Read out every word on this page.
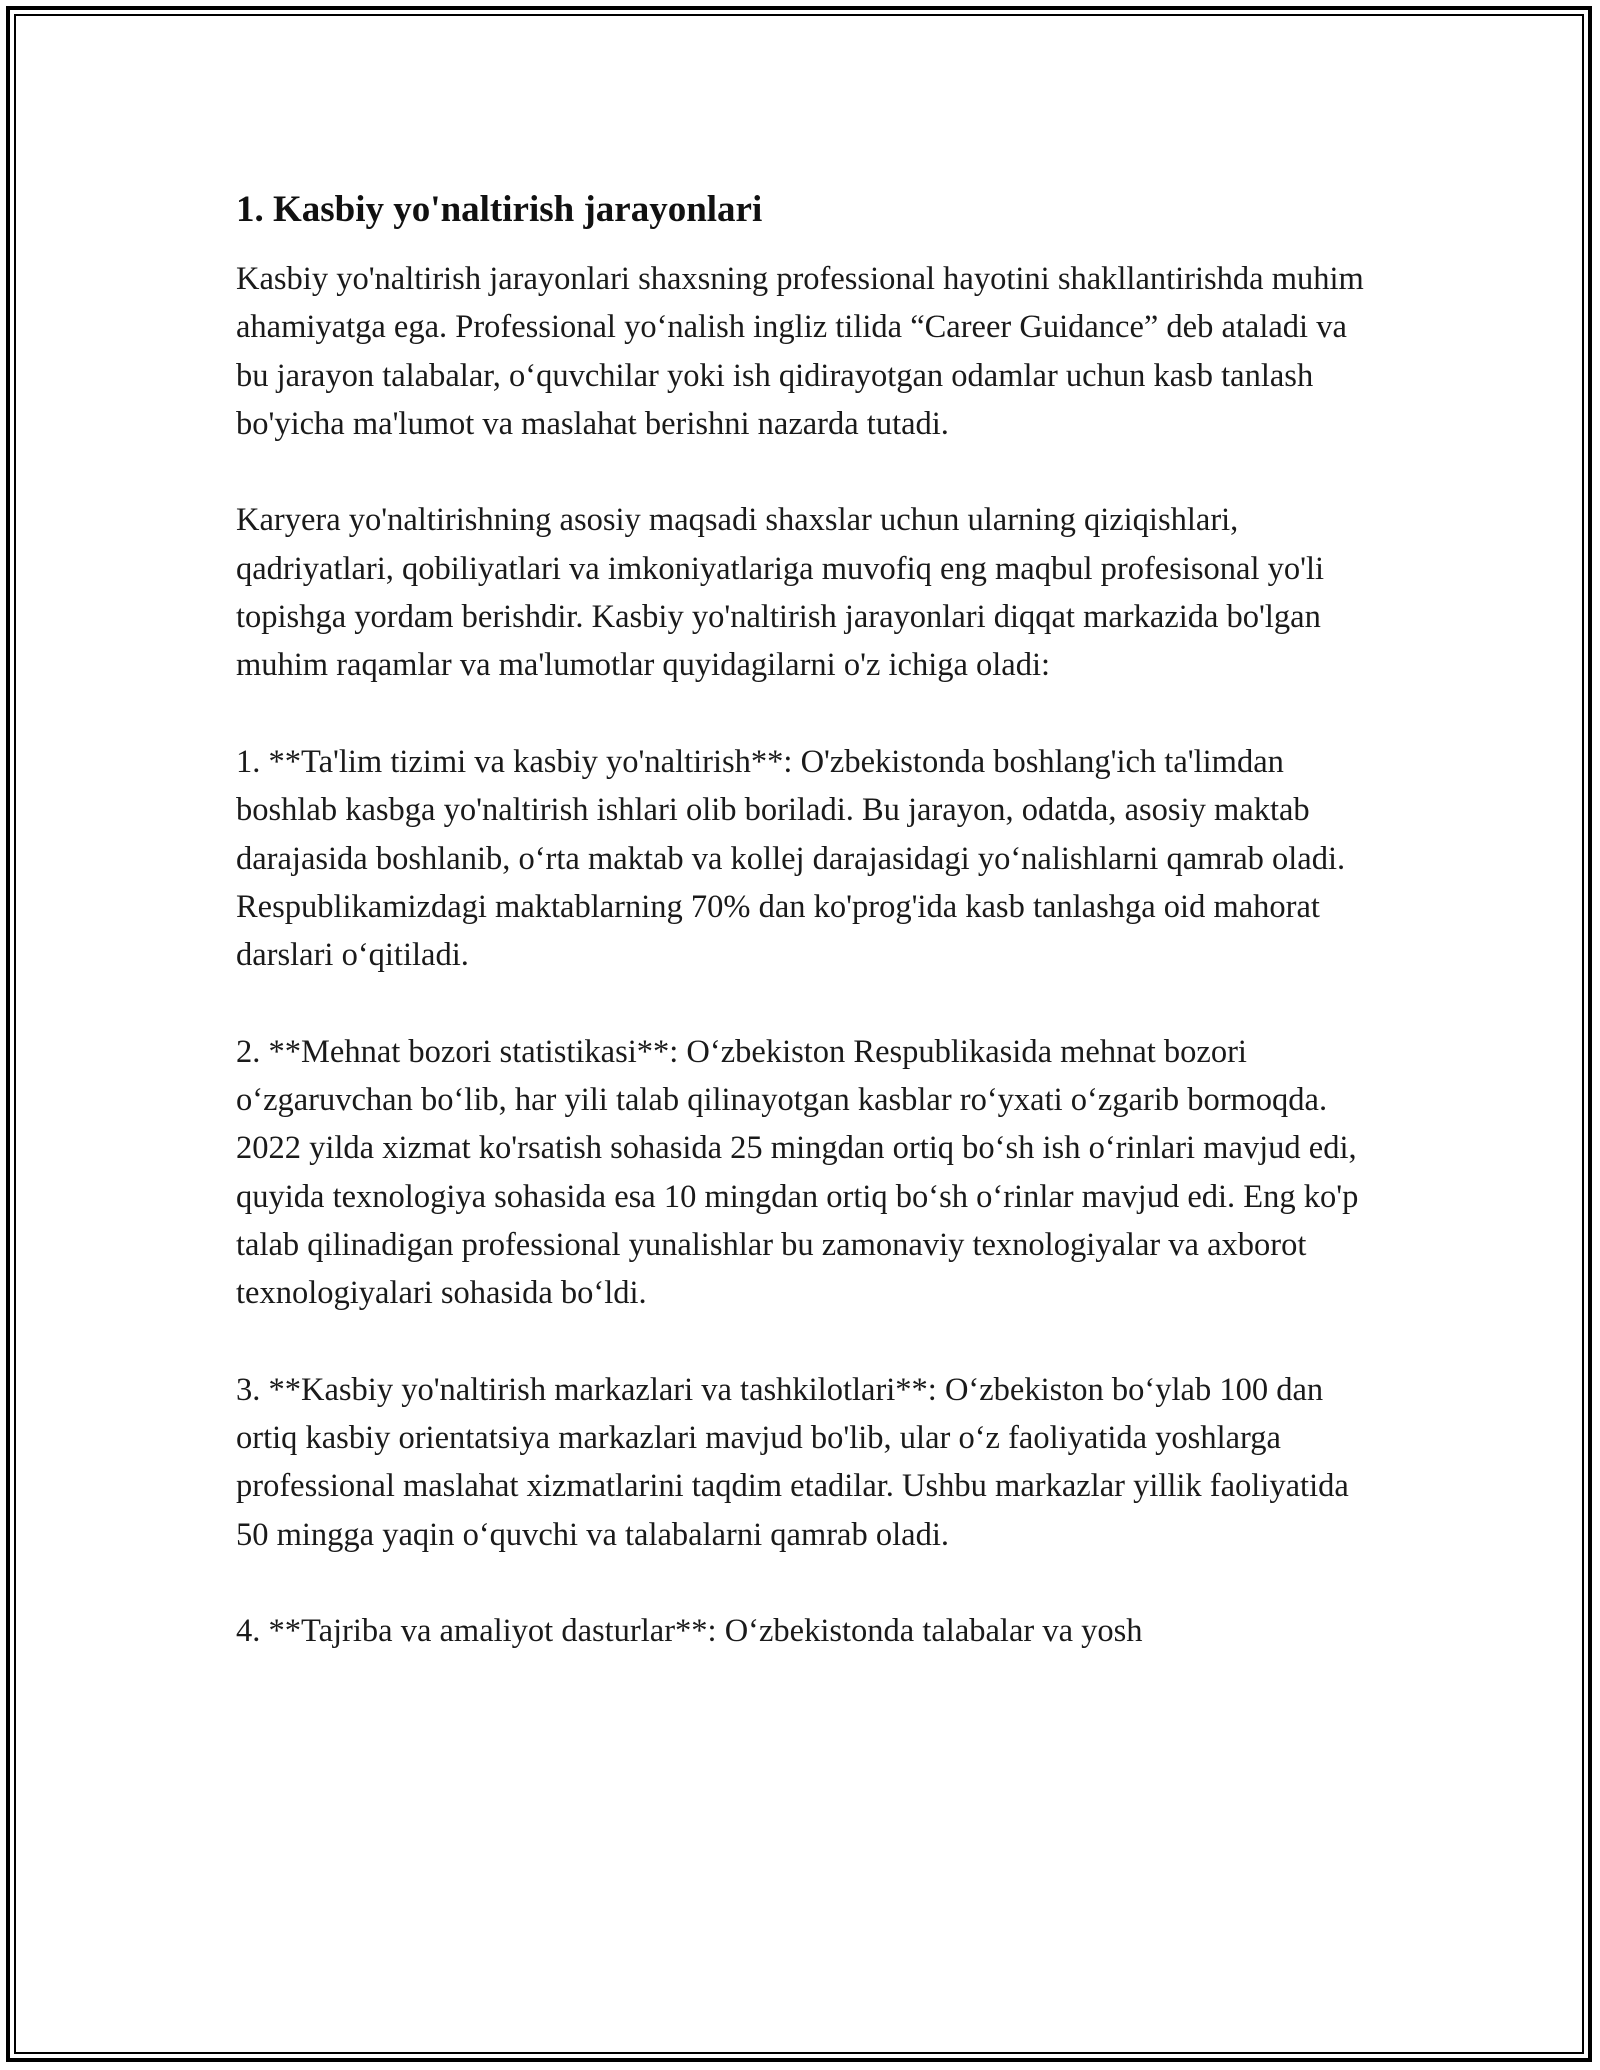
1. Kasbiy yo'naltirish jarayonlari

Kasbiy yo'naltirish jarayonlari shaxsning professional hayotini shakllantirishda muhim ahamiyatga ega. Professional yo‘nalish ingliz tilida “Career Guidance” deb ataladi va bu jarayon talabalar, o‘quvchilar yoki ish qidirayotgan odamlar uchun kasb tanlash bo'yicha ma'lumot va maslahat berishni nazarda tutadi.

Karyera yo'naltirishning asosiy maqsadi shaxslar uchun ularning qiziqishlari, qadriyatlari, qobiliyatlari va imkoniyatlariga muvofiq eng maqbul profesisonal yo'li topishga yordam berishdir. Kasbiy yo'naltirish jarayonlari diqqat markazida bo'lgan muhim raqamlar va ma'lumotlar quyidagilarni o'z ichiga oladi:

1. **Ta'lim tizimi va kasbiy yo'naltirish**: O'zbekistonda boshlang'ich ta'limdan boshlab kasbga yo'naltirish ishlari olib boriladi. Bu jarayon, odatda, asosiy maktab darajasida boshlanib, o‘rta maktab va kollej darajasidagi yo‘nalishlarni qamrab oladi. Respublikamizdagi maktablarning 70% dan ko'prog'ida kasb tanlashga oid mahorat darslari o‘qitiladi.

2. **Mehnat bozori statistikasi**: O‘zbekiston Respublikasida mehnat bozori o‘zgaruvchan bo‘lib, har yili talab qilinayotgan kasblar ro‘yxati o‘zgarib bormoqda. 2022 yilda xizmat ko'rsatish sohasida 25 mingdan ortiq bo‘sh ish o‘rinlari mavjud edi, quyida texnologiya sohasida esa 10 mingdan ortiq bo‘sh o‘rinlar mavjud edi. Eng ko'p talab qilinadigan professional yunalishlar bu zamonaviy texnologiyalar va axborot texnologiyalari sohasida bo‘ldi.

3. **Kasbiy yo'naltirish markazlari va tashkilotlari**: O‘zbekiston bo‘ylab 100 dan ortiq kasbiy orientatsiya markazlari mavjud bo'lib, ular o‘z faoliyatida yoshlarga professional maslahat xizmatlarini taqdim etadilar. Ushbu markazlar yillik faoliyatida 50 mingga yaqin o‘quvchi va talabalarni qamrab oladi.

4. **Tajriba va amaliyot dasturlar**: O‘zbekistonda talabalar va yosh
